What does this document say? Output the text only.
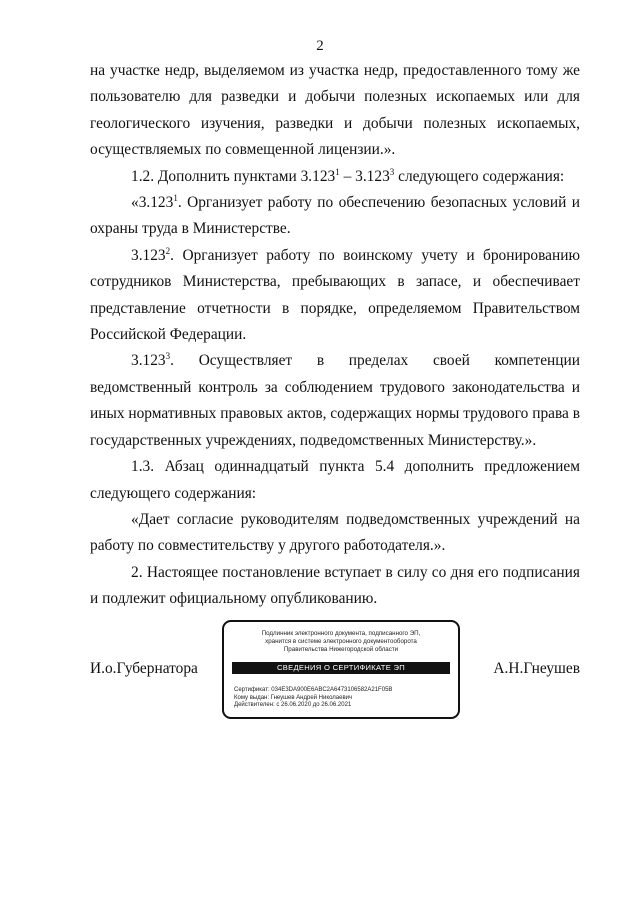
2

на участке недр, выделяемом из участка недр, предоставленного тому же пользователю для разведки и добычи полезных ископаемых или для геологического изучения, разведки и добычи полезных ископаемых, осуществляемых по совмещенной лицензии.».

1.2. Дополнить пунктами 3.123$^1$ – 3.123$^3$ следующего содержания:

«3.123$^1$. Организует работу по обеспечению безопасных условий и охраны труда в Министерстве.

3.123$^2$. Организует работу по воинскому учету и бронированию сотрудников Министерства, пребывающих в запасе, и обеспечивает представление отчетности в порядке, определяемом Правительством Российской Федерации.

3.123$^3$. Осуществляет в пределах своей компетенции ведомственный контроль за соблюдением трудового законодательства и иных нормативных правовых актов, содержащих нормы трудового права в государственных учреждениях, подведомственных Министерству.».

1.3. Абзац одиннадцатый пункта 5.4 дополнить предложением следующего содержания:

«Дает согласие руководителям подведомственных учреждений на работу по совместительству у другого работодателя.».

2. Настоящее постановление вступает в силу со дня его подписания и подлежит официальному опубликованию.

И.о.Губернатора	А.Н.Гнеушев
Подлинник электронного документа, подписанного ЭП,
хранится в системе электронного документооборота
Правительства Нижегородской области
СВЕДЕНИЯ О СЕРТИФИКАТЕ ЭП
Сертификат: 034E3DA900E6ABC2A6473106582A21F05B
Кому выдан: Гнеушев Андрей Николаевич
Действителен: с 26.06.2020 до 26.06.2021
